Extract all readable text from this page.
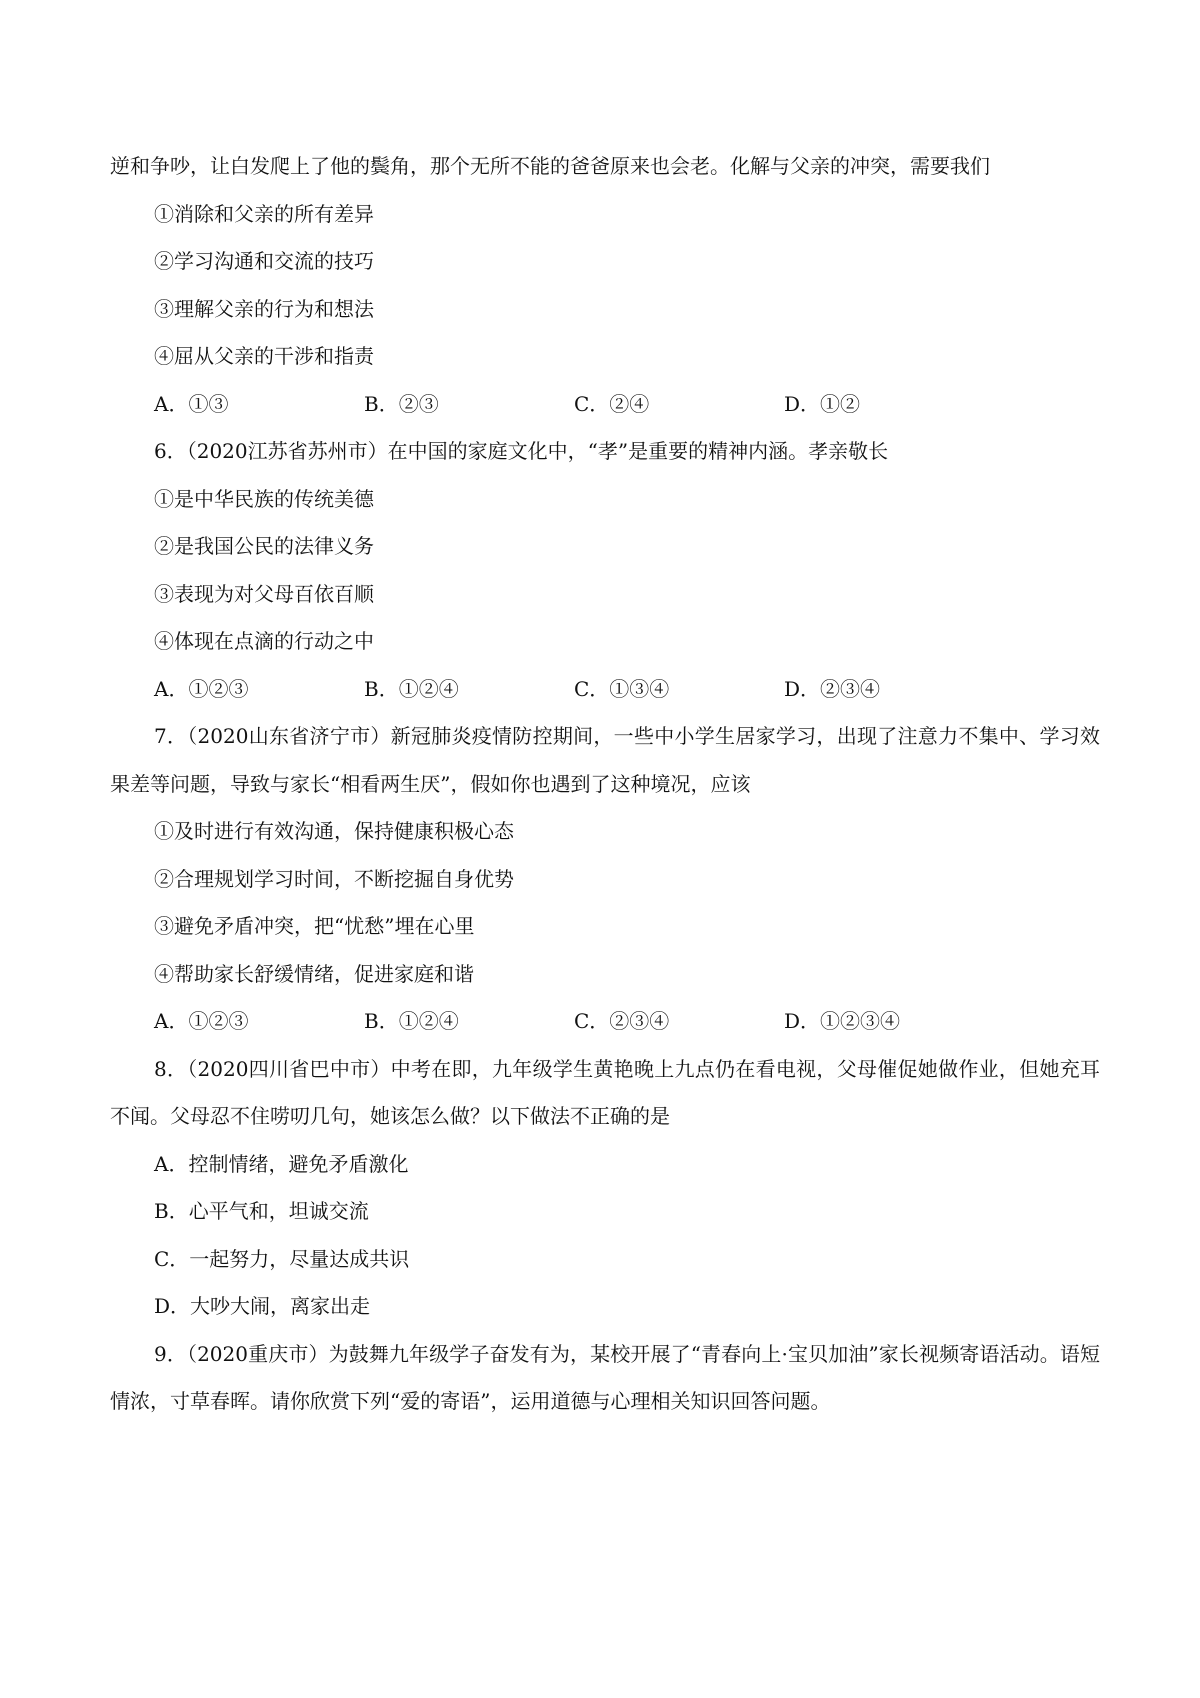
逆和争吵，让白发爬上了他的鬓角，那个无所不能的爸爸原来也会老。化解与父亲的冲突，需要我们

①消除和父亲的所有差异

②学习沟通和交流的技巧

③理解父亲的行为和想法

④屈从父亲的干涉和指责

A．①③	B．②③	C．②④	D．①②

6．（2020江苏省苏州市）在中国的家庭文化中，“孝”是重要的精神内涵。孝亲敬长

①是中华民族的传统美德

②是我国公民的法律义务

③表现为对父母百依百顺

④体现在点滴的行动之中

A．①②③	B．①②④	C．①③④	D．②③④

7．（2020山东省济宁市）新冠肺炎疫情防控期间，一些中小学生居家学习，出现了注意力不集中、学习效果差等问题，导致与家长“相看两生厌”，假如你也遇到了这种境况，应该

①及时进行有效沟通，保持健康积极心态

②合理规划学习时间，不断挖掘自身优势

③避免矛盾冲突，把“忧愁”埋在心里

④帮助家长舒缓情绪，促进家庭和谐

A．①②③	B．①②④	C．②③④	D．①②③④

8．（2020四川省巴中市）中考在即，九年级学生黄艳晚上九点仍在看电视，父母催促她做作业，但她充耳不闻。父母忍不住唠叨几句，她该怎么做？以下做法不正确的是

A．控制情绪，避免矛盾激化

B．心平气和，坦诚交流

C．一起努力，尽量达成共识

D．大吵大闹，离家出走

9．（2020重庆市）为鼓舞九年级学子奋发有为，某校开展了“青春向上·宝贝加油”家长视频寄语活动。语短情浓，寸草春晖。请你欣赏下列“爱的寄语”，运用道德与心理相关知识回答问题。
